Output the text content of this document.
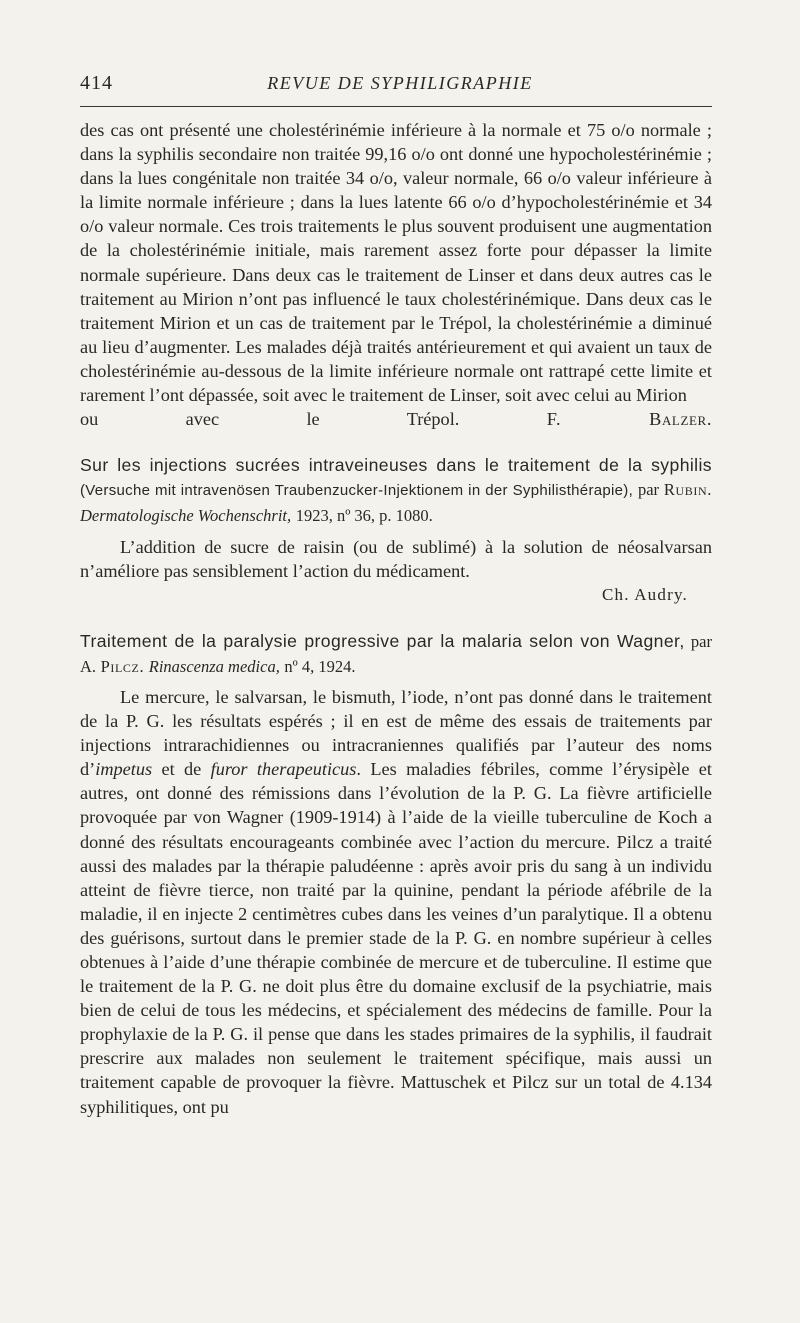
414	REVUE DE SYPHILIGRAPHIE

des cas ont présenté une cholestérinémie inférieure à la normale et 75 o/o normale ; dans la syphilis secondaire non traitée 99,16 o/o ont donné une hypocholestérinémie ; dans la lues congénitale non traitée 34 o/o, valeur normale, 66 o/o valeur inférieure à la limite normale inférieure ; dans la lues latente 66 o/o d’hypocholestérinémie et 34 o/o valeur normale. Ces trois traitements le plus souvent produisent une augmentation de la cholestérinémie initiale, mais rarement assez forte pour dépasser la limite normale supérieure. Dans deux cas le traitement de Linser et dans deux autres cas le traitement au Mirion n’ont pas influencé le taux cholestérinémique. Dans deux cas le traitement Mirion et un cas de traitement par le Trépol, la cholestérinémie a diminué au lieu d’augmenter. Les malades déjà traités antérieurement et qui avaient un taux de cholestérinémie au-dessous de la limite inférieure normale ont rattrapé cette limite et rarement l’ont dépassée, soit avec le traitement de Linser, soit avec celui au Mirion

ou avec le Trépol.	F. Balzer.

Sur les injections sucrées intraveineuses dans le traitement de la syphilis (Versuche mit intravenösen Traubenzucker-Injektionem in der Syphilisthérapie), par Rubin. Dermatologische Wochenschrit, 1923, nº 36, p. 1080.

L’addition de sucre de raisin (ou de sublimé) à la solution de néosalvarsan n’améliore pas sensiblement l’action du médicament.

Ch. Audry.

Traitement de la paralysie progressive par la malaria selon von Wagner, par A. Pilcz. Rinascenza medica, nº 4, 1924.

Le mercure, le salvarsan, le bismuth, l’iode, n’ont pas donné dans le traitement de la P. G. les résultats espérés ; il en est de même des essais de traitements par injections intrarachidiennes ou intracraniennes qualifiés par l’auteur des noms d’impetus et de furor therapeuticus. Les maladies fébriles, comme l’érysipèle et autres, ont donné des rémissions dans l’évolution de la P. G. La fièvre artificielle provoquée par von Wagner (1909-1914) à l’aide de la vieille tuberculine de Koch a donné des résultats encourageants combinée avec l’action du mercure. Pilcz a traité aussi des malades par la thérapie paludéenne : après avoir pris du sang à un individu atteint de fièvre tierce, non traité par la quinine, pendant la période afébrile de la maladie, il en injecte 2 centimètres cubes dans les veines d’un paralytique. Il a obtenu des guérisons, surtout dans le premier stade de la P. G. en nombre supérieur à celles obtenues à l’aide d’une thérapie combinée de mercure et de tuberculine. Il estime que le traitement de la P. G. ne doit plus être du domaine exclusif de la psychiatrie, mais bien de celui de tous les médecins, et spécialement des médecins de famille. Pour la prophylaxie de la P. G. il pense que dans les stades primaires de la syphilis, il faudrait prescrire aux malades non seulement le traitement spécifique, mais aussi un traitement capable de provoquer la fièvre. Mattuschek et Pilcz sur un total de 4.134 syphilitiques, ont pu
